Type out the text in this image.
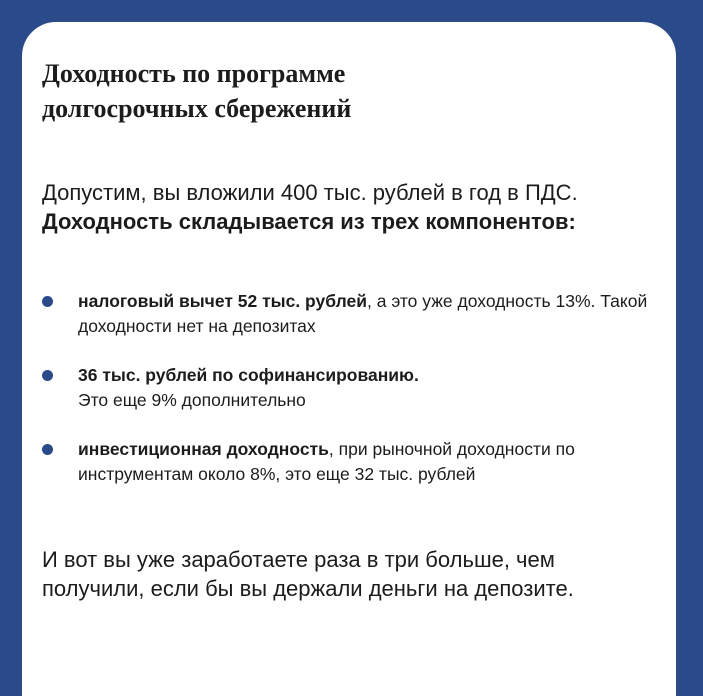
Доходность по программе
долгосрочных сбережений

Допустим, вы вложили 400 тыс. рублей в год в ПДС. Доходность складывается из трех компонентов:

налоговый вычет 52 тыс. рублей, а это уже доходность 13%. Такой доходности нет на депозитах
36 тыс. рублей по софинансированию.
Это еще 9% дополнительно
инвестиционная доходность, при рыночной доходности по инструментам около 8%, это еще 32 тыс. рублей

И вот вы уже заработаете раза в три больше, чем получили, если бы вы держали деньги на депозите.
